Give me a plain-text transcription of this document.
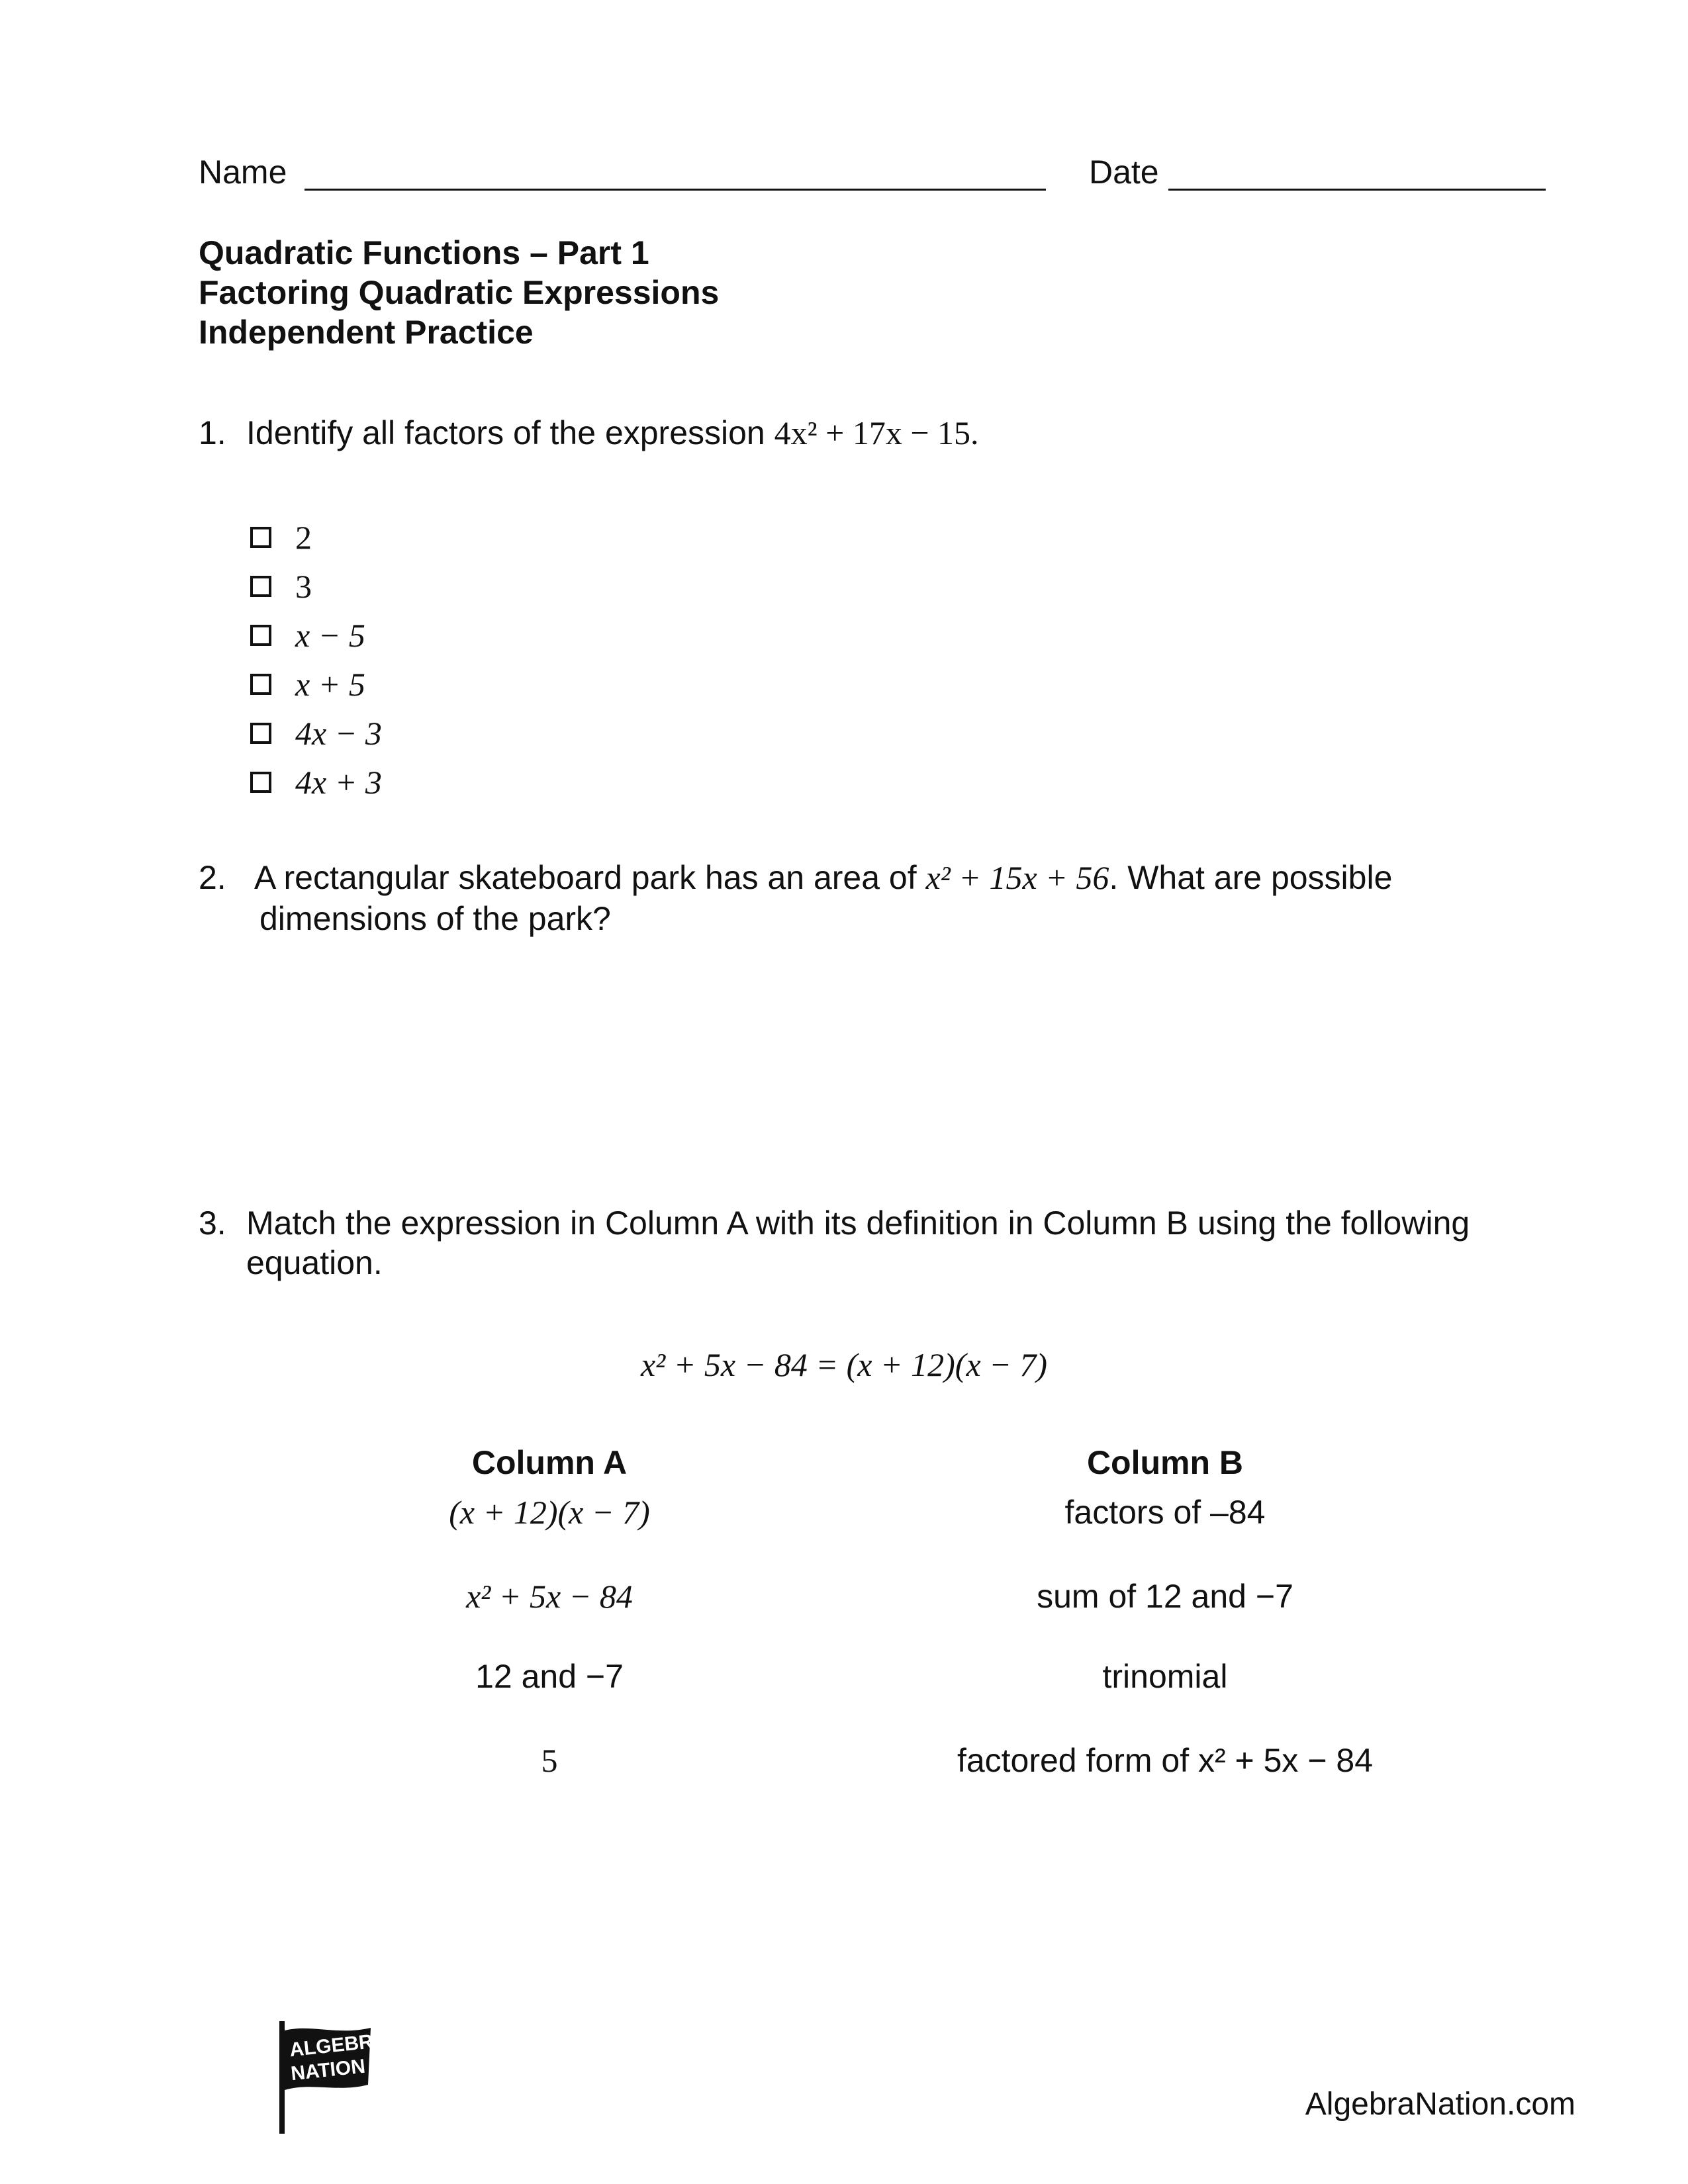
Name	Date
Quadratic Functions – Part 1
Factoring Quadratic Expressions
Independent Practice
1. Identify all factors of the expression 4x² + 17x − 15.
2
3
x − 5
x + 5
4x − 3
4x + 3
2. A rectangular skateboard park has an area of x² + 15x + 56. What are possible
dimensions of the park?
3. Match the expression in Column A with its definition in Column B using the following
equation.
x² + 5x − 84 = (x + 12)(x − 7)
Column A
(x + 12)(x − 7)
x² + 5x − 84
12 and −7
5
Column B
factors of –84
sum of 12 and −7
trinomial
factored form of x² + 5x − 84
ALGEBRA
NATION
AlgebraNation.com
